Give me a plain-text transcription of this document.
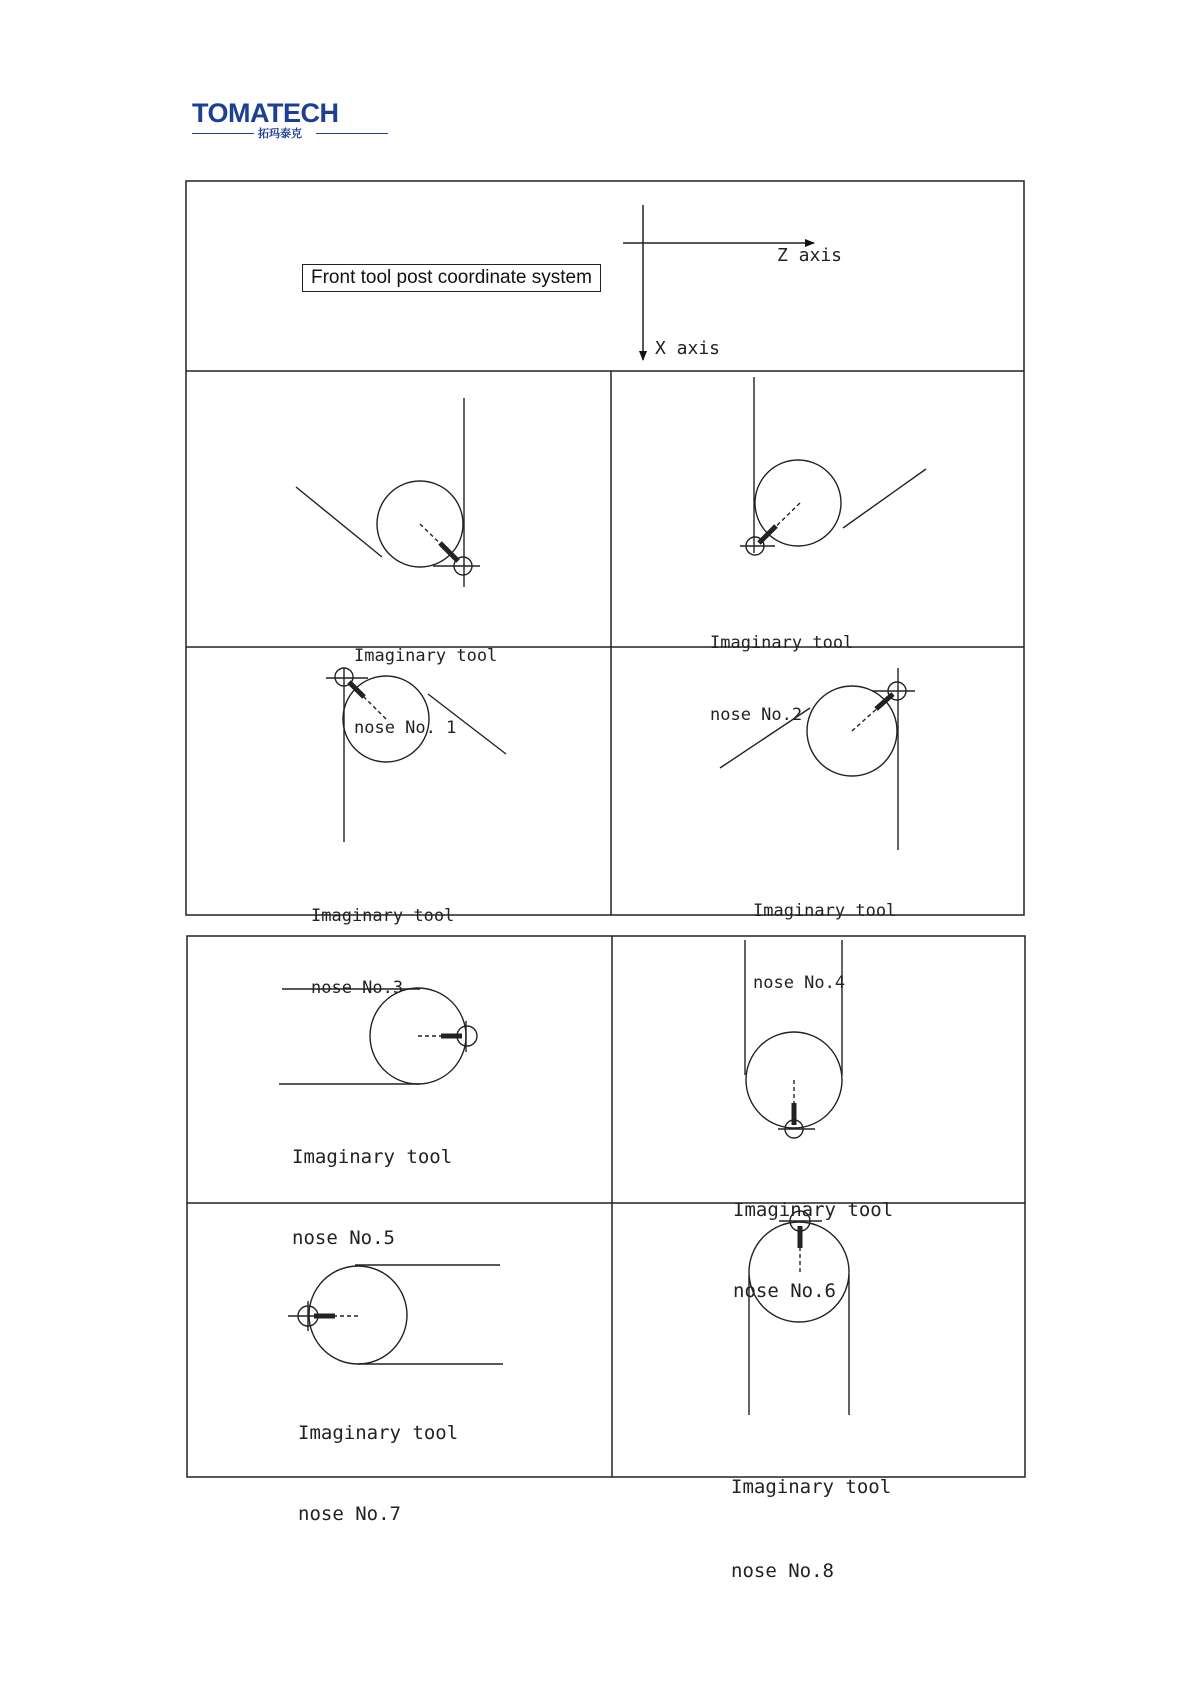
TOMATECH
拓玛泰克
Front tool post coordinate system
Z axis
X axis

Imaginary tool

nose No. 1

Imaginary tool

nose No.2

Imaginary tool

nose No.3

Imaginary tool

nose No.4

Imaginary tool

nose No.5

Imaginary tool

nose No.6

Imaginary tool

nose No.7

Imaginary tool

nose No.8
